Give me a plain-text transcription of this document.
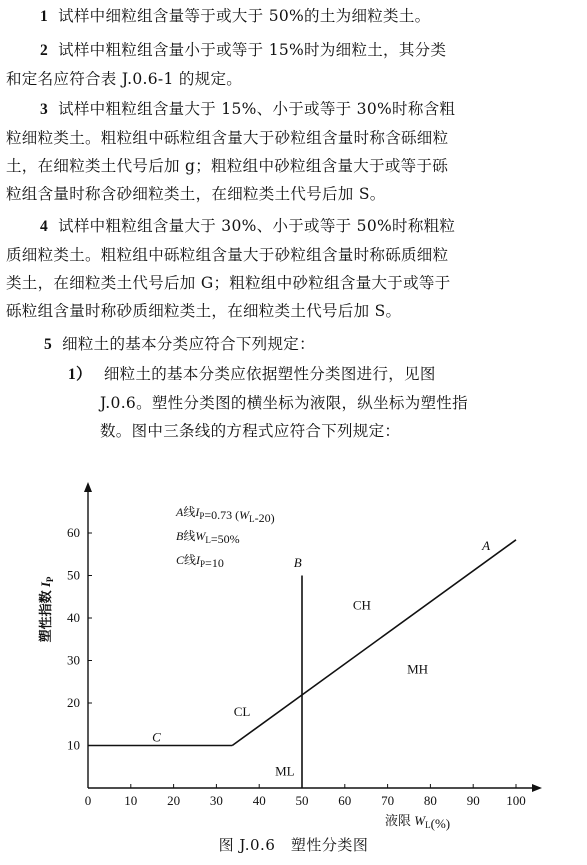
1 试样中细粒组含量等于或大于 50%的土为细粒类土。
2 试样中粗粒组含量小于或等于 15%时为细粒土，其分类
和定名应符合表 J.0.6-1 的规定。
3 试样中粗粒组含量大于 15%、小于或等于 30%时称含粗
粒细粒类土。粗粒组中砾粒组含量大于砂粒组含量时称含砾细粒
土，在细粒类土代号后加 g；粗粒组中砂粒组含量大于或等于砾
粒组含量时称含砂细粒类土，在细粒类土代号后加 S。
4 试样中粗粒组含量大于 30%、小于或等于 50%时称粗粒
质细粒类土。粗粒组中砾粒组含量大于砂粒组含量时称砾质细粒
类土，在细粒类土代号后加 G；粗粒组中砂粒组含量大于或等于
砾粒组含量时称砂质细粒类土，在细粒类土代号后加 S。
5 细粒土的基本分类应符合下列规定：
1） 细粒土的基本分类应依据塑性分类图进行，见图
J.0.6。塑性分类图的横坐标为液限，纵坐标为塑性指
数。图中三条线的方程式应符合下列规定：
0	10 20 30 40 50 60 70 80 90 100
10
20
30
40
50
60
A
B
C
CH
MH
CL
ML
A线$I_P=0.73$ $(W_L-20)$
B线$W_L=50\%$
C线$I_P=10$
液限 $W_L(\%)$
塑性指数 $I_P$
图 J.0.6　塑性分类图
